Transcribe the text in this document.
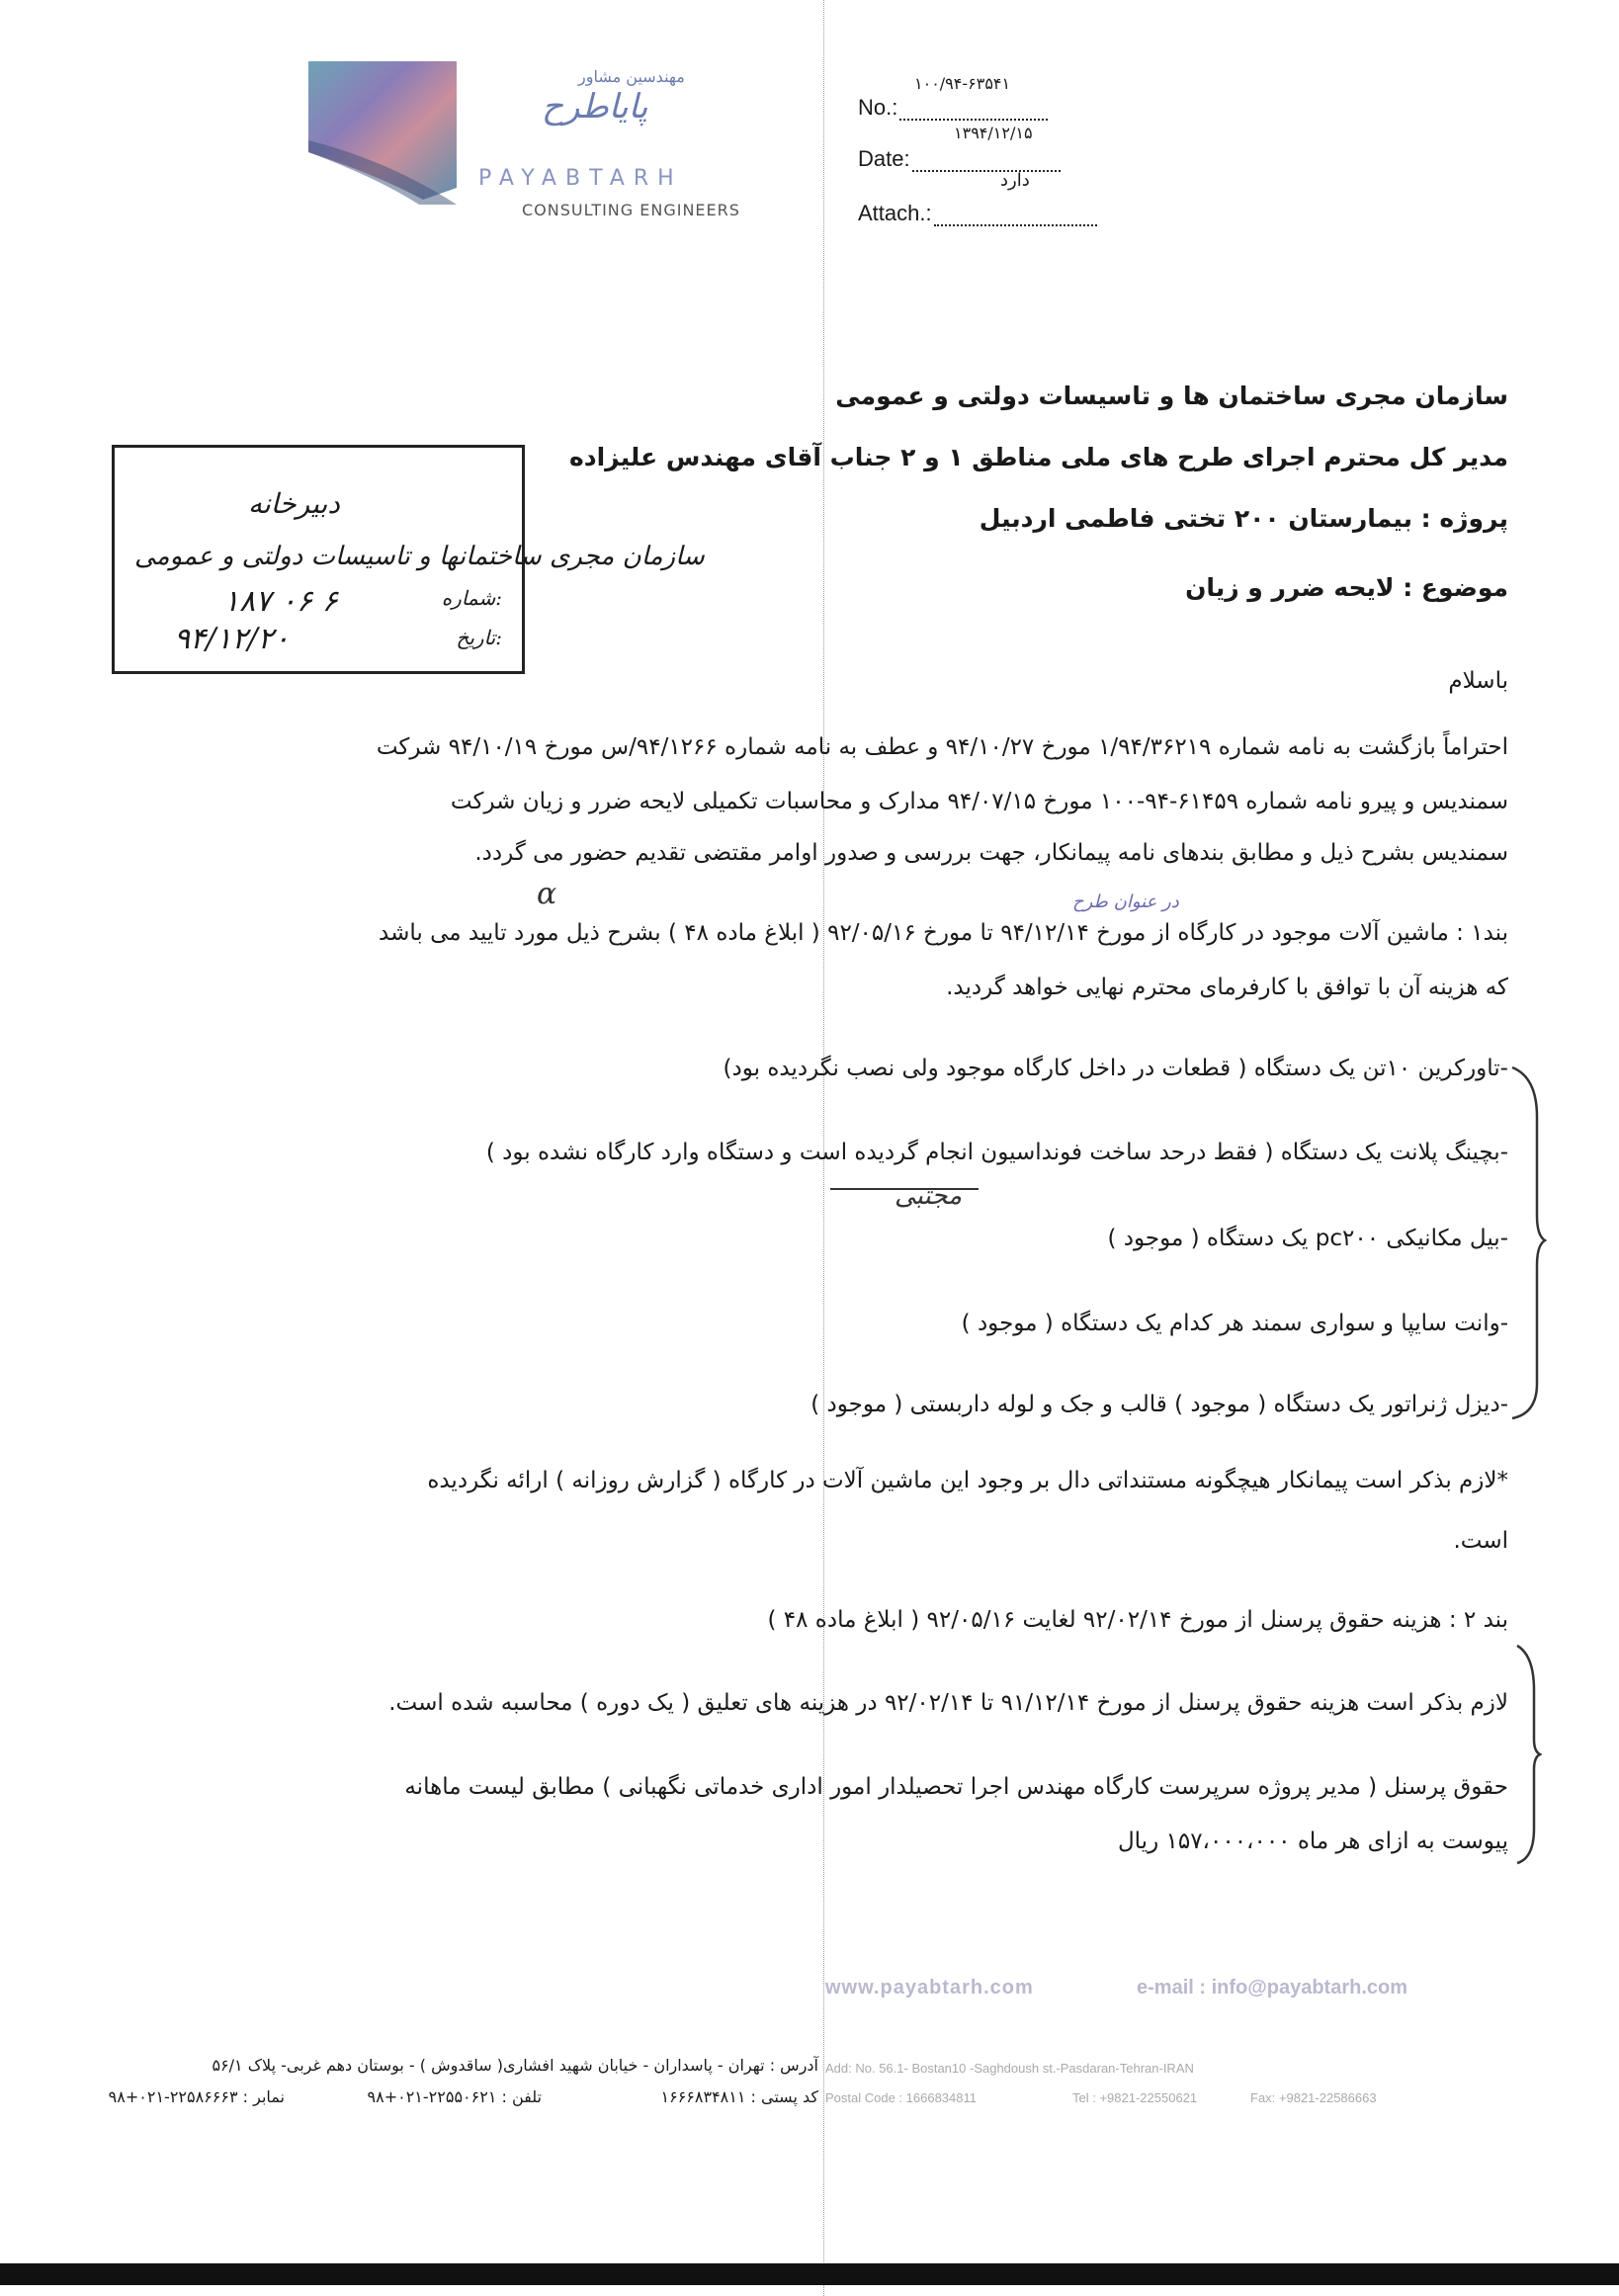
مهندسین مشاور
پایاطرح
PAYABTARH
CONSULTING ENGINEERS
۱۰۰/۹۴-۶۳۵۴۱
No.:
۱۳۹۴/۱۲/۱۵
Date:
دارد
Attach.:
سازمان مجری ساختمان ها و تاسیسات دولتی و عمومی
مدیر کل محترم اجرای طرح های ملی مناطق ۱ و ۲ جناب آقای مهندس علیزاده
پروژه : بیمارستان ۲۰۰ تختی فاطمی اردبیل
موضوع : لایحه ضرر و زیان
دبیرخانه
سازمان مجری ساختمانها و تاسیسات دولتی و عمومی
شماره:
۱۸۷ ۰۶ ۶
تاریخ:
۹۴/۱۲/۲۰
باسلام
احتراماً بازگشت به نامه شماره ۱/۹۴/۳۶۲۱۹ مورخ ۹۴/۱۰/۲۷ و عطف به نامه شماره ۹۴/۱۲۶۶/س مورخ ۹۴/۱۰/۱۹ شرکت
سمندیس و پیرو نامه شماره ۶۱۴۵۹-۹۴-۱۰۰ مورخ ۹۴/۰۷/۱۵ مدارک و محاسبات تکمیلی لایحه ضرر و زیان شرکت
سمندیس بشرح ذیل و مطابق بندهای نامه پیمانکار، جهت بررسی و صدور اوامر مقتضی تقدیم حضور می گردد.
α	در عنوان طرح
بند۱ : ماشین آلات موجود در کارگاه از مورخ ۹۴/۱۲/۱۴ تا مورخ ۹۲/۰۵/۱۶ ( ابلاغ ماده ۴۸ ) بشرح ذیل مورد تایید می باشد
که هزینه آن با توافق با کارفرمای محترم نهایی خواهد گردید.
-تاورکرین ۱۰تن یک دستگاه ( قطعات در داخل کارگاه موجود ولی نصب نگردیده بود)
-بچینگ پلانت یک دستگاه ( فقط درحد ساخت فونداسیون انجام گردیده است و دستگاه وارد کارگاه نشده بود )
مجتبی
-بیل مکانیکی pc۲۰۰ یک دستگاه ( موجود )
-وانت سایپا و سواری سمند هر کدام یک دستگاه ( موجود )
-دیزل ژنراتور یک دستگاه ( موجود ) قالب و جک و لوله داربستی ( موجود )
*لازم بذکر است پیمانکار هیچگونه مستنداتی دال بر وجود این ماشین آلات در کارگاه ( گزارش روزانه ) ارائه نگردیده
است.
بند ۲ : هزینه حقوق پرسنل از مورخ ۹۲/۰۲/۱۴ لغایت ۹۲/۰۵/۱۶ ( ابلاغ ماده ۴۸ )
لازم بذکر است هزینه حقوق پرسنل از مورخ ۹۱/۱۲/۱۴ تا ۹۲/۰۲/۱۴ در هزینه های تعلیق ( یک دوره ) محاسبه شده است.
حقوق پرسنل ( مدیر پروژه سرپرست کارگاه مهندس اجرا تحصیلدار امور اداری خدماتی نگهبانی ) مطابق لیست ماهانه
پیوست به ازای هر ماه ۱۵۷،۰۰۰،۰۰۰ ریال
www.payabtarh.com	e-mail : info@payabtarh.com
آدرس : تهران - پاسداران - خیابان شهید افشاری( ساقدوش ) - بوستان دهم غربی- پلاک ۵۶/۱
کد پستی : ۱۶۶۶۸۳۴۸۱۱
تلفن : ۲۲۵۵۰۶۲۱-۰۲۱+۹۸
نمابر : ۲۲۵۸۶۶۶۳-۰۲۱+۹۸
Add: No. 56.1- Bostan10 -Saghdoush st.-Pasdaran-Tehran-IRAN
Postal Code : 1666834811	Tel : +9821-22550621	Fax: +9821-22586663
